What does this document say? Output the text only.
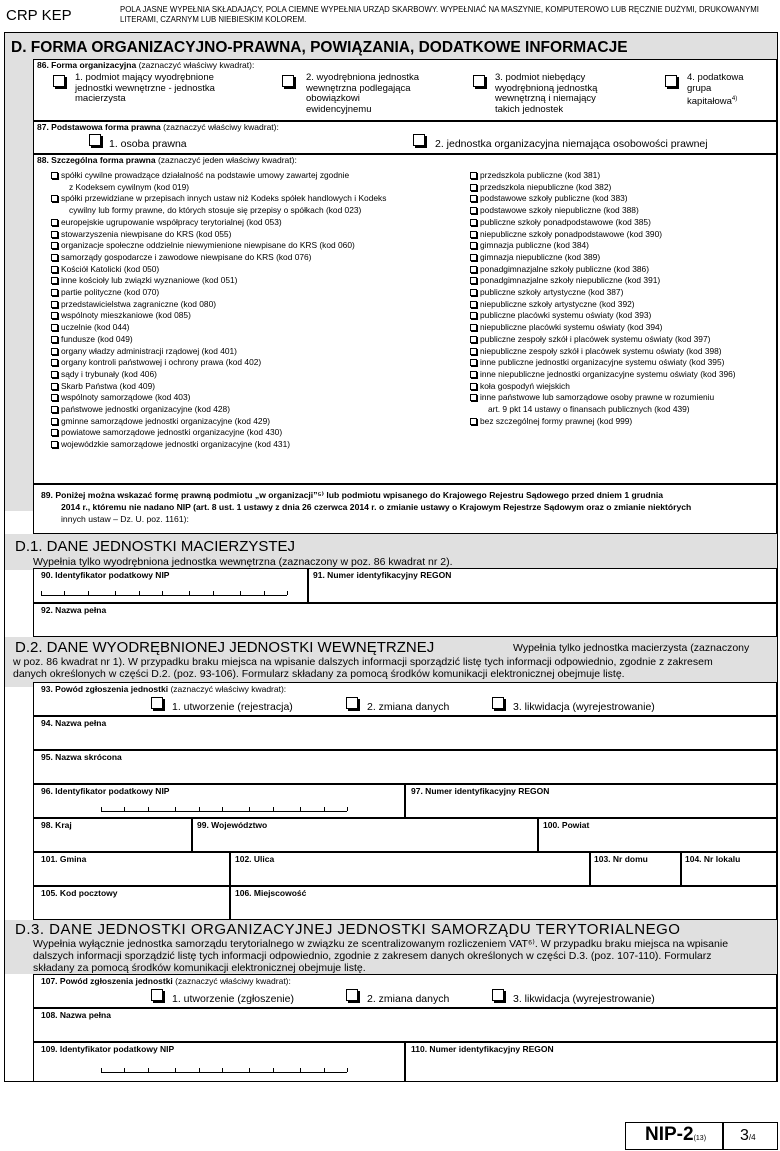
CRP KEP	POLA JASNE WYPEŁNIA SKŁADAJĄCY, POLA CIEMNE WYPEŁNIA URZĄD SKARBOWY. WYPEŁNIAĆ NA MASZYNIE, KOMPUTEROWO LUB RĘCZNIE DUŻYMI, DRUKOWANYMI LITERAMI, CZARNYM LUB NIEBIESKIM KOLOREM.
D. FORMA ORGANIZACYJNO-PRAWNA, POWIĄZANIA, DODATKOWE INFORMACJE
86. Forma organizacyjna (zaznaczyć właściwy kwadrat):
1. podmiot mający wyodrębnione
jednostki wewnętrzne - jednostka
macierzysta
2. wyodrębniona jednostka
wewnętrzna podlegająca
obowiązkowi
ewidencyjnemu
3. podmiot niebędący
wyodrębnioną jednostką
wewnętrzną i niemający
takich jednostek
4. podatkowa
grupa
kapitałowa$^{4)}$
87. Podstawowa forma prawna (zaznaczyć właściwy kwadrat):
1. osoba prawna	2. jednostka organizacyjna niemająca osobowości prawnej
88. Szczególna forma prawna (zaznaczyć jeden właściwy kwadrat):
spółki cywilne prowadzące działalność na podstawie umowy zawartej zgodnie
z Kodeksem cywilnym (kod 019)
spółki przewidziane w przepisach innych ustaw niż Kodeks spółek handlowych i Kodeks
cywilny lub formy prawne, do których stosuje się przepisy o spółkach (kod 023)
europejskie ugrupowanie współpracy terytorialnej (kod 053)
stowarzyszenia niewpisane do KRS (kod 055)
organizacje społeczne oddzielnie niewymienione niewpisane do KRS (kod 060)
samorządy gospodarcze i zawodowe niewpisane do KRS (kod 076)
Kościół Katolicki (kod 050)
inne kościoły lub związki wyznaniowe (kod 051)
partie polityczne (kod 070)
przedstawicielstwa zagraniczne (kod 080)
wspólnoty mieszkaniowe (kod 085)
uczelnie (kod 044)
fundusze (kod 049)
organy władzy administracji rządowej (kod 401)
organy kontroli państwowej i ochrony prawa (kod 402)
sądy i trybunały (kod 406)
Skarb Państwa (kod 409)
wspólnoty samorządowe (kod 403)
państwowe jednostki organizacyjne (kod 428)
gminne samorządowe jednostki organizacyjne (kod 429)
powiatowe samorządowe jednostki organizacyjne (kod 430)
wojewódzkie samorządowe jednostki organizacyjne (kod 431)
przedszkola publiczne (kod 381)
przedszkola niepubliczne (kod 382)
podstawowe szkoły publiczne (kod 383)
podstawowe szkoły niepubliczne (kod 388)
publiczne szkoły ponadpodstawowe (kod 385)
niepubliczne szkoły ponadpodstawowe (kod 390)
gimnazja publiczne (kod 384)
gimnazja niepubliczne (kod 389)
ponadgimnazjalne szkoły publiczne (kod 386)
ponadgimnazjalne szkoły niepubliczne (kod 391)
publiczne szkoły artystyczne (kod 387)
niepubliczne szkoły artystyczne (kod 392)
publiczne placówki systemu oświaty (kod 393)
niepubliczne placówki systemu oświaty (kod 394)
publiczne zespoły szkół i placówek systemu oświaty (kod 397)
niepubliczne zespoły szkół i placówek systemu oświaty (kod 398)
inne publiczne jednostki organizacyjne systemu oświaty (kod 395)
inne niepubliczne jednostki organizacyjne systemu oświaty (kod 396)
koła gospodyń wiejskich
inne państwowe lub samorządowe osoby prawne w rozumieniu
art. 9 pkt 14 ustawy o finansach publicznych (kod 439)
bez szczególnej formy prawnej (kod 999)
89. Poniżej można wskazać formę prawną podmiotu „w organizacji”⁵⁾ lub podmiotu wpisanego do Krajowego Rejestru Sądowego przed dniem 1 grudnia
2014 r., któremu nie nadano NIP (art. 8 ust. 1 ustawy z dnia 26 czerwca 2014 r. o zmianie ustawy o Krajowym Rejestrze Sądowym oraz o zmianie niektórych
innych ustaw – Dz. U. poz. 1161):
D.1. DANE JEDNOSTKI MACIERZYSTEJ
Wypełnia tylko wyodrębniona jednostka wewnętrzna (zaznaczony w poz. 86 kwadrat nr 2).
90. Identyfikator podatkowy NIP	91. Numer identyfikacyjny REGON
92. Nazwa pełna
D.2. DANE WYODRĘBNIONEJ JEDNOSTKI WEWNĘTRZNEJ	Wypełnia tylko jednostka macierzysta (zaznaczony
w poz. 86 kwadrat nr 1). W przypadku braku miejsca na wpisanie dalszych informacji sporządzić listę tych informacji odpowiednio, zgodnie z zakresem
danych określonych w części D.2. (poz. 93-106). Formularz składany za pomocą środków komunikacji elektronicznej obejmuje listę.
93. Powód zgłoszenia jednostki (zaznaczyć właściwy kwadrat):
1. utworzenie (rejestracja)	2. zmiana danych	3. likwidacja (wyrejestrowanie)
94. Nazwa pełna
95. Nazwa skrócona
96. Identyfikator podatkowy NIP	97. Numer identyfikacyjny REGON
98. Kraj	99. Województwo	100. Powiat
101. Gmina	102. Ulica	103. Nr domu	104. Nr lokalu
105. Kod pocztowy	106. Miejscowość
D.3. DANE JEDNOSTKI ORGANIZACYJNEJ JEDNOSTKI SAMORZĄDU TERYTORIALNEGO
Wypełnia wyłącznie jednostka samorządu terytorialnego w związku ze scentralizowanym rozliczeniem VAT⁶⁾. W przypadku braku miejsca na wpisanie
dalszych informacji sporządzić listę tych informacji odpowiednio, zgodnie z zakresem danych określonych w części D.3. (poz. 107-110). Formularz
składany za pomocą środków komunikacji elektronicznej obejmuje listę.
107. Powód zgłoszenia jednostki (zaznaczyć właściwy kwadrat):
1. utworzenie (zgłoszenie)	2. zmiana danych	3. likwidacja (wyrejestrowanie)
108. Nazwa pełna
109. Identyfikator podatkowy NIP	110. Numer identyfikacyjny REGON
NIP-2(13) 3/4
